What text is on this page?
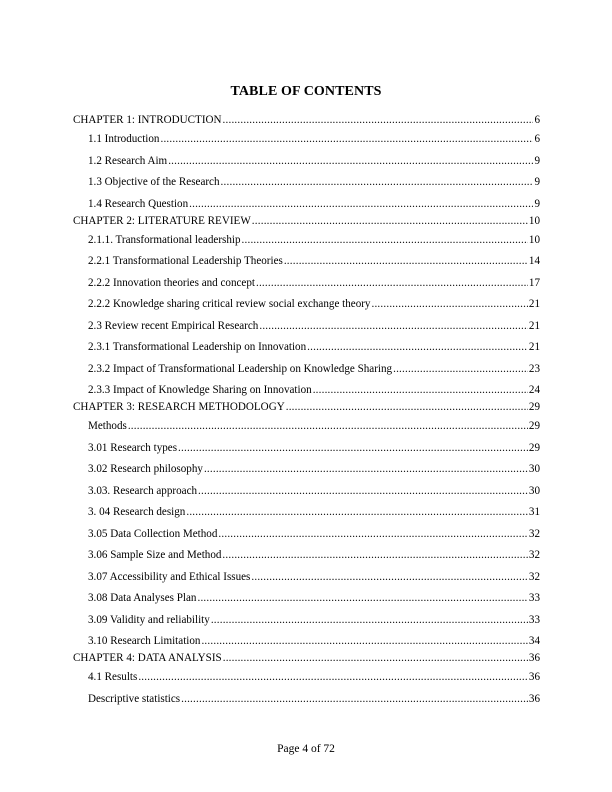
TABLE OF CONTENTS
CHAPTER 1: INTRODUCTION .....	6
1.1 Introduction .....	6
1.2 Research Aim .....	9
1.3 Objective of the Research .....	9
1.4 Research Question .....	9
CHAPTER 2: LITERATURE REVIEW .....	10
2.1.1. Transformational leadership .....	10
2.2.1 Transformational Leadership Theories .....	14
2.2.2 Innovation theories and concept .....	17
2.2.2 Knowledge sharing critical review social exchange theory .....	21
2.3 Review recent Empirical Research .....	21
2.3.1 Transformational Leadership on Innovation .....	21
2.3.2 Impact of Transformational Leadership on Knowledge Sharing .....	23
2.3.3 Impact of Knowledge Sharing on Innovation .....	24
CHAPTER 3: RESEARCH METHODOLOGY .....	29
Methods .....	29
3.01 Research types .....	29
3.02 Research philosophy .....	30
3.03. Research approach .....	30
3. 04 Research design .....	31
3.05 Data Collection Method .....	32
3.06 Sample Size and Method .....	32
3.07 Accessibility and Ethical Issues .....	32
3.08 Data Analyses Plan .....	33
3.09 Validity and reliability .....	33
3.10 Research Limitation .....	34
CHAPTER 4: DATA ANALYSIS .....	36
4.1 Results .....	36
Descriptive statistics .....	36
Page 4 of 72
